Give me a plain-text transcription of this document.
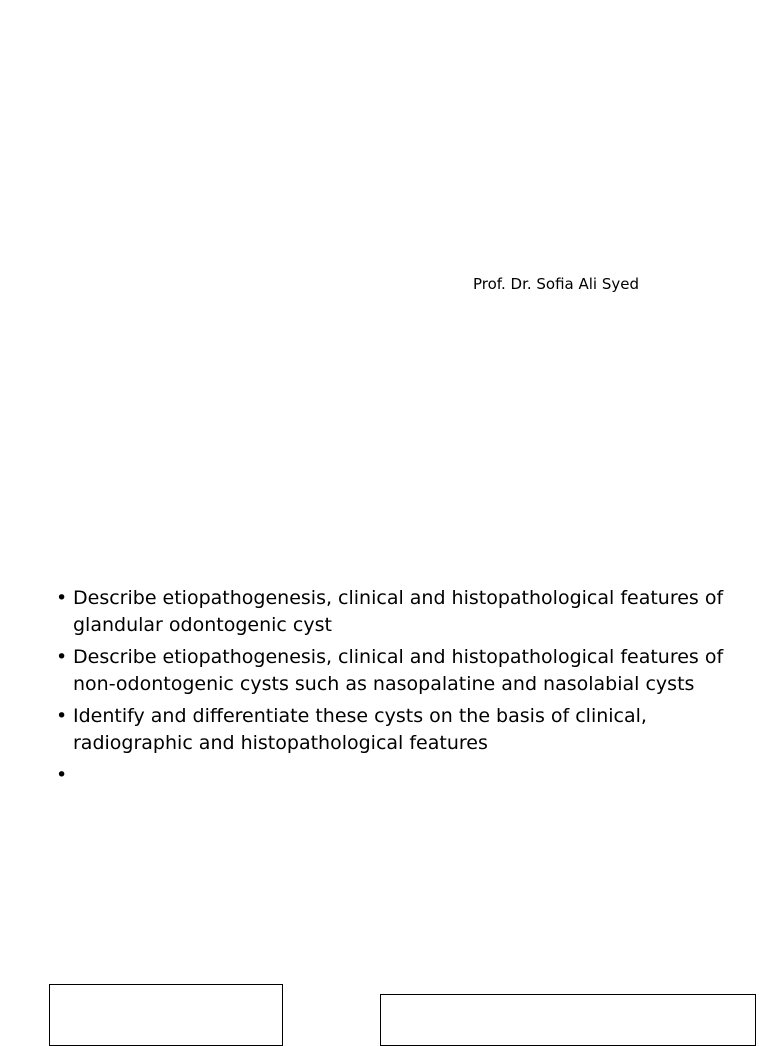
Prof. Dr. Sofia Ali Syed
• Describe etiopathogenesis, clinical and histopathological features of glandular odontogenic cyst
• Describe etiopathogenesis, clinical and histopathological features of non-odontogenic cysts such as nasopalatine and nasolabial cysts
• Identify and differentiate these cysts on the basis of clinical, radiographic and histopathological features
•
